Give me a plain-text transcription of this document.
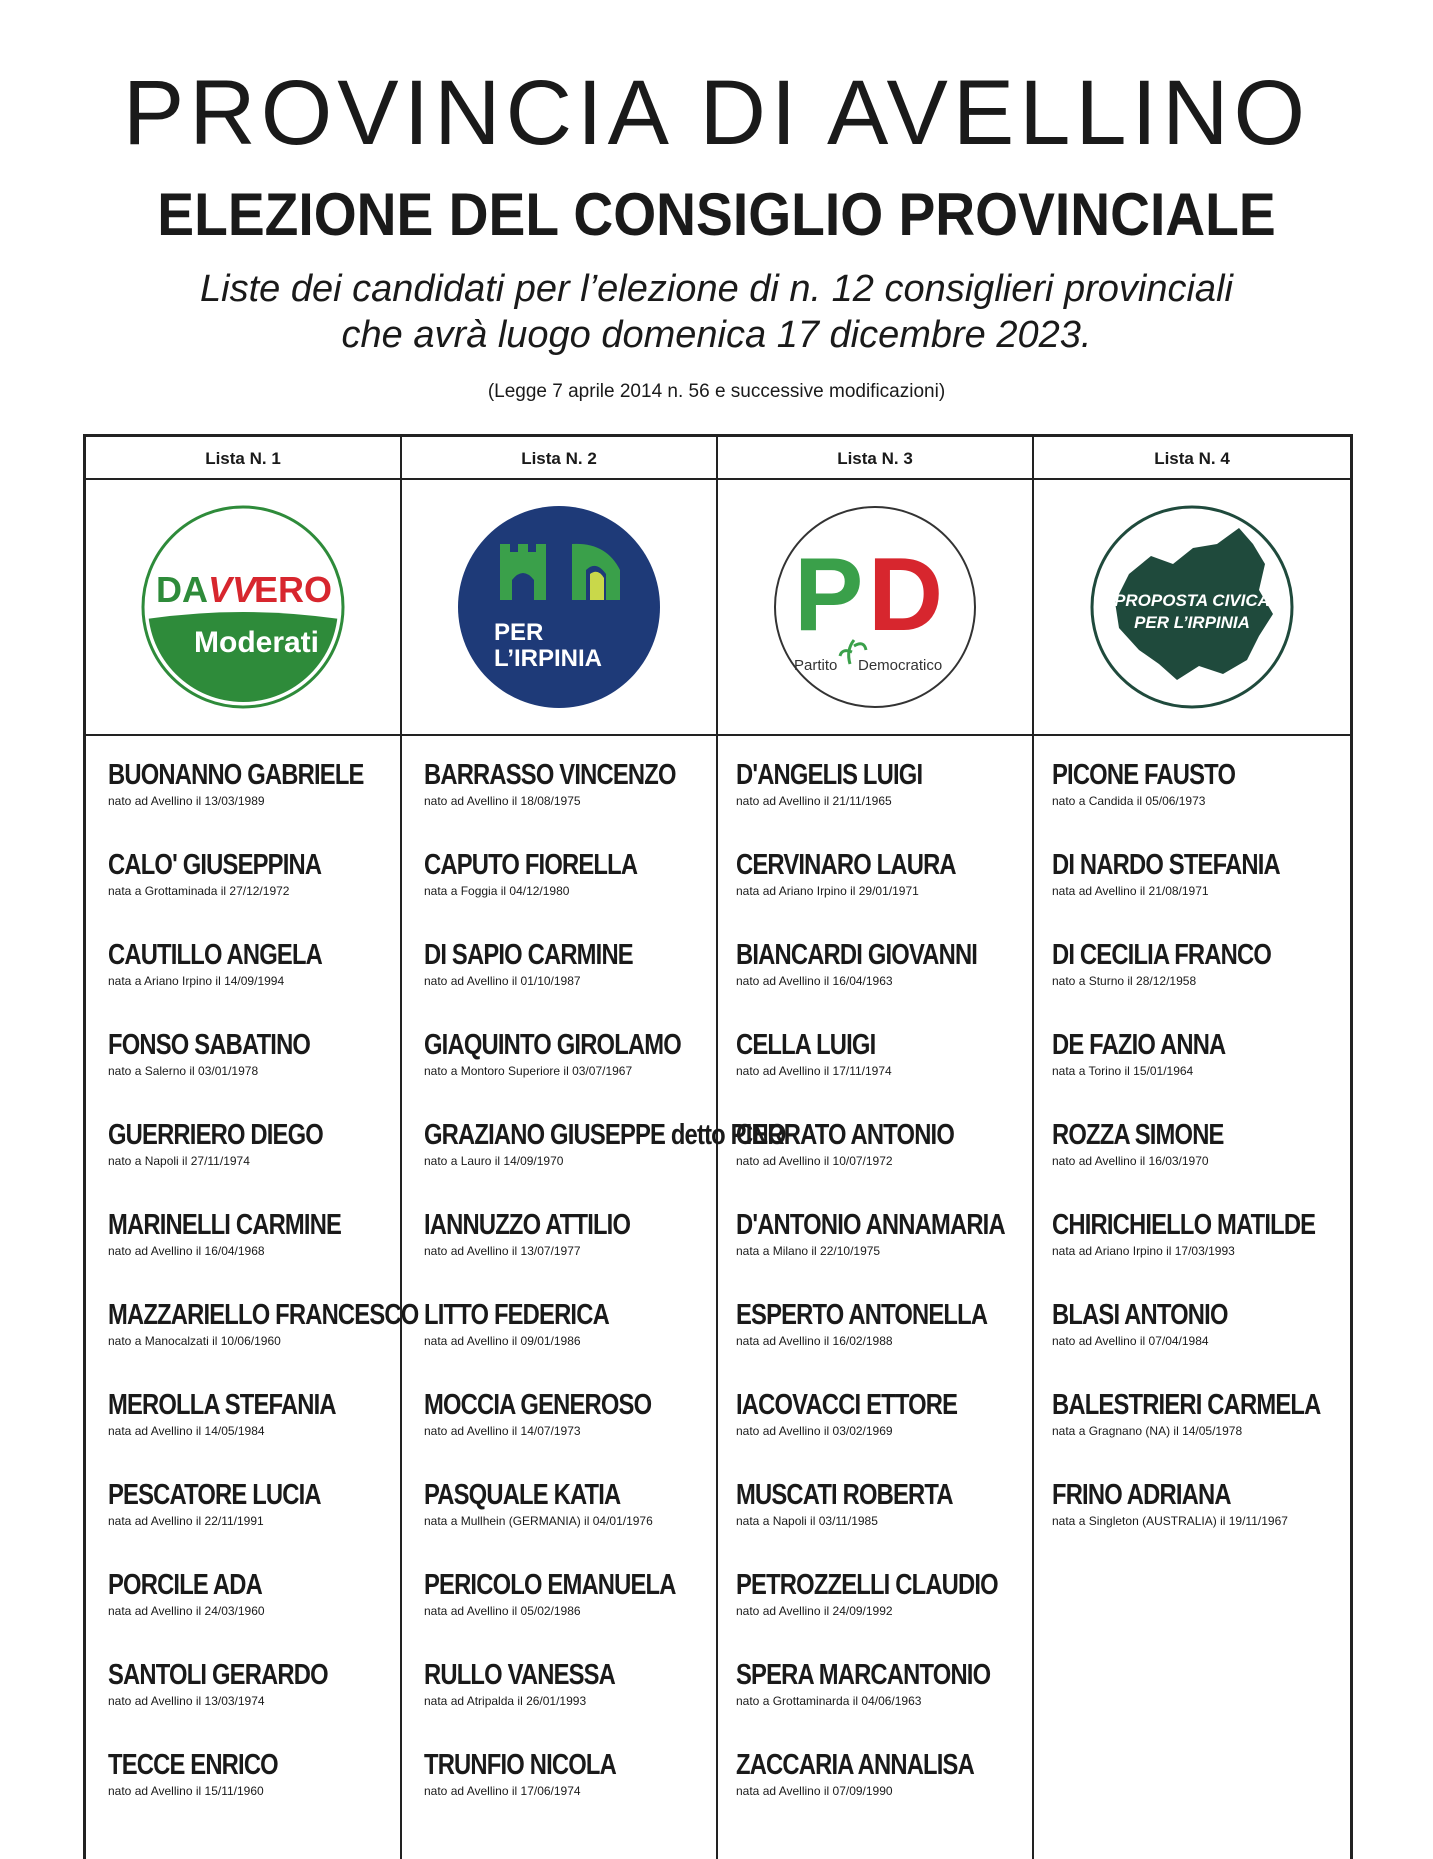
PROVINCIA DI AVELLINO
ELEZIONE DEL CONSIGLIO PROVINCIALE
Liste dei candidati per l’elezione di n. 12 consiglieri provinciali
che avrà luogo domenica 17 dicembre 2023.
(Legge 7 aprile 2014 n. 56 e successive modificazioni)
Lista N. 1
DA VV
ERO
Moderati
BUONANNO GABRIELE
nato ad Avellino il 13/03/1989
CALO' GIUSEPPINA
nata a Grottaminada il 27/12/1972
CAUTILLO ANGELA
nata a Ariano Irpino il 14/09/1994
FONSO SABATINO
nato a Salerno il 03/01/1978
GUERRIERO DIEGO
nato a Napoli il 27/11/1974
MARINELLI CARMINE
nato ad Avellino il 16/04/1968
MAZZARIELLO FRANCESCO
nato a Manocalzati il 10/06/1960
MEROLLA STEFANIA
nata ad Avellino il 14/05/1984
PESCATORE LUCIA
nata ad Avellino il 22/11/1991
PORCILE ADA
nata ad Avellino il 24/03/1960
SANTOLI GERARDO
nato ad Avellino il 13/03/1974
TECCE ENRICO
nato ad Avellino il 15/11/1960
Lista N. 2
PER
L’IRPINIA
BARRASSO VINCENZO
nato ad Avellino il 18/08/1975
CAPUTO FIORELLA
nata a Foggia il 04/12/1980
DI SAPIO CARMINE
nato ad Avellino il 01/10/1987
GIAQUINTO GIROLAMO
nato a Montoro Superiore il 03/07/1967
GRAZIANO GIUSEPPE detto PINO
nato a Lauro il 14/09/1970
IANNUZZO ATTILIO
nato ad Avellino il 13/07/1977
LITTO FEDERICA
nata ad Avellino il 09/01/1986
MOCCIA GENEROSO
nato ad Avellino il 14/07/1973
PASQUALE KATIA
nata a Mullhein (GERMANIA) il 04/01/1976
PERICOLO EMANUELA
nata ad Avellino il 05/02/1986
RULLO VANESSA
nata ad Atripalda il 26/01/1993
TRUNFIO NICOLA
nato ad Avellino il 17/06/1974
Lista N. 3
P D
Partito Democratico
D'ANGELIS LUIGI
nato ad Avellino il 21/11/1965
CERVINARO LAURA
nata ad Ariano Irpino il 29/01/1971
BIANCARDI GIOVANNI
nato ad Avellino il 16/04/1963
CELLA LUIGI
nato ad Avellino il 17/11/1974
CERRATO ANTONIO
nato ad Avellino il 10/07/1972
D'ANTONIO ANNAMARIA
nata a Milano il 22/10/1975
ESPERTO ANTONELLA
nata ad Avellino il 16/02/1988
IACOVACCI ETTORE
nato ad Avellino il 03/02/1969
MUSCATI ROBERTA
nata a Napoli il 03/11/1985
PETROZZELLI CLAUDIO
nato ad Avellino il 24/09/1992
SPERA MARCANTONIO
nato a Grottaminarda il 04/06/1963
ZACCARIA ANNALISA
nata ad Avellino il 07/09/1990
Lista N. 4
PROPOSTA CIVICA
PER L’IRPINIA
PICONE FAUSTO
nato a Candida il 05/06/1973
DI NARDO STEFANIA
nata ad Avellino il 21/08/1971
DI CECILIA FRANCO
nato a Sturno il 28/12/1958
DE FAZIO ANNA
nata a Torino il 15/01/1964
ROZZA SIMONE
nato ad Avellino il 16/03/1970
CHIRICHIELLO MATILDE
nata ad Ariano Irpino il 17/03/1993
BLASI ANTONIO
nato ad Avellino il 07/04/1984
BALESTRIERI CARMELA
nata a Gragnano (NA) il 14/05/1978
FRINO ADRIANA
nata a Singleton (AUSTRALIA) il 19/11/1967
